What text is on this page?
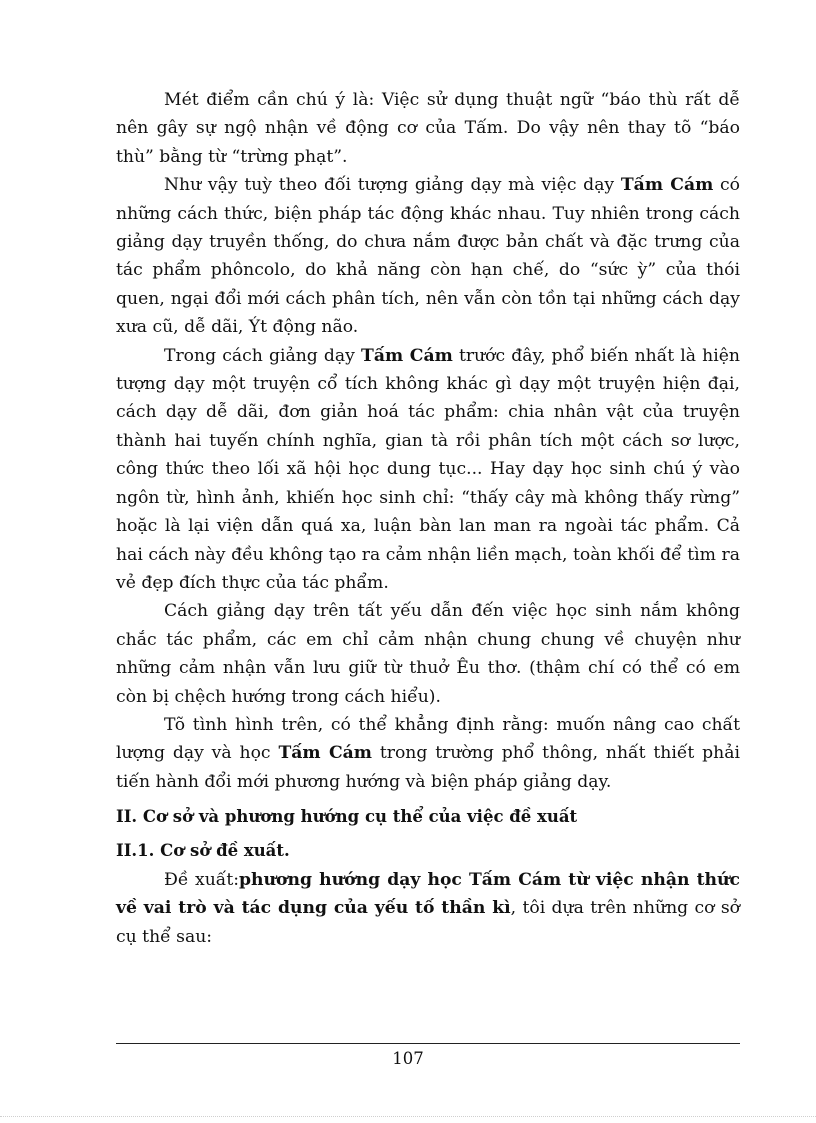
Mét điểm cần chú ý là: Việc sử dụng thuật ngữ “báo thù rất dễ nên gây sự ngộ nhận về động cơ của Tấm. Do vậy nên thay tõ “báo thù” bằng từ “trừng phạt”.

Như vậy tuỳ theo đối tượng giảng dạy mà việc dạy Tấm Cám có những cách thức, biện pháp tác động khác nhau. Tuy nhiên trong cách giảng dạy truyền thống, do chưa nắm được bản chất và đặc trưng của tác phẩm phôncolo, do khả năng còn hạn chế, do “sức ỳ” của thói quen, ngại đổi mới cách phân tích, nên vẫn còn tồn tại những cách dạy xưa cũ, dễ dãi, Ýt động não.

Trong cách giảng dạy Tấm Cám trước đây, phổ biến nhất là hiện tượng dạy một truyện cổ tích không khác gì dạy một truyện hiện đại, cách dạy dễ dãi, đơn giản hoá tác phẩm: chia nhân vật của truyện thành hai tuyến chính nghĩa, gian tà rồi phân tích một cách sơ lược, công thức theo lối xã hội học dung tục... Hay dạy học sinh chú ý vào ngôn từ, hình ảnh, khiến học sinh chỉ: “thấy cây mà không thấy rừng” hoặc là lại viện dẫn quá xa, luận bàn lan man ra ngoài tác phẩm. Cả hai cách này đều không tạo ra cảm nhận liền mạch, toàn khối để tìm ra vẻ đẹp đích thực của tác phẩm.

Cách giảng dạy trên tất yếu dẫn đến việc học sinh nắm không chắc tác phẩm, các em chỉ cảm nhận chung chung về chuyện như những cảm nhận vẫn lưu giữ từ thuở Êu thơ. (thậm chí có thể có em còn bị chệch hướng trong cách hiểu).

Tõ tình hình trên, có thể khẳng định rằng: muốn nâng cao chất lượng dạy và học Tấm Cám trong trường phổ thông, nhất thiết phải tiến hành đổi mới phương hướng và biện pháp giảng dạy.

II. Cơ sở và phương hướng cụ thể của việc đề xuất
II.1. Cơ sở đề xuất.

Đề xuất:phương hướng dạy học Tấm Cám từ việc nhận thức về vai trò và tác dụng của yếu tố thần kì, tôi dựa trên những cơ sở cụ thể sau:

107
